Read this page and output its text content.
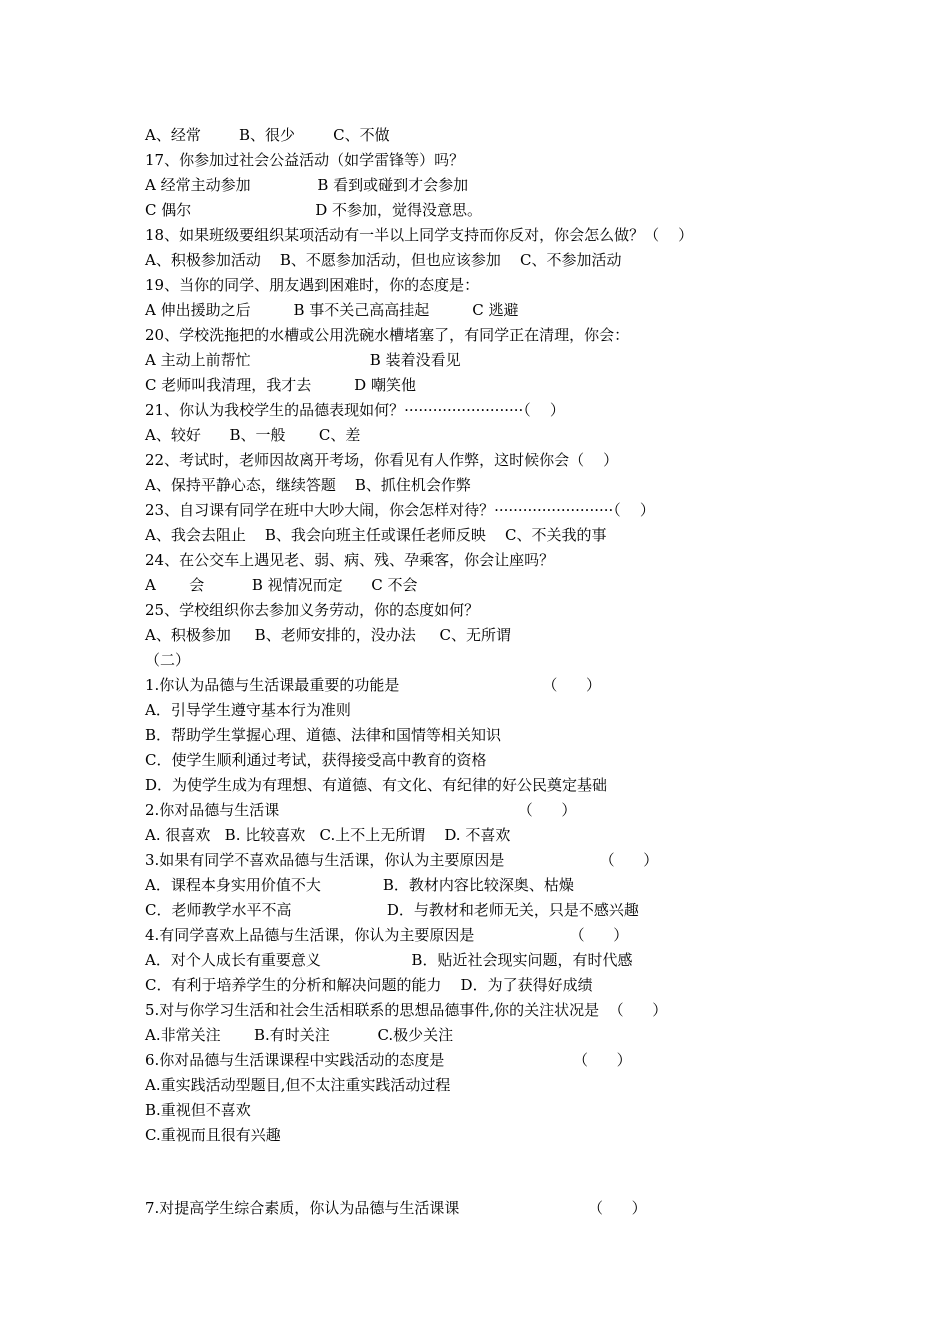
A、经常        B、很少        C、不做
17、你参加过社会公益活动（如学雷锋等）吗？
A 经常主动参加              B 看到或碰到才会参加
C 偶尔                          D 不参加，觉得没意思。
18、如果班级要组织某项活动有一半以上同学支持而你反对，你会怎么做？（    ）
A、积极参加活动    B、不愿参加活动，但也应该参加    C、不参加活动
19、当你的同学、朋友遇到困难时，你的态度是：
A 伸出援助之后         B 事不关己高高挂起         C 逃避
20、学校洗拖把的水槽或公用洗碗水槽堵塞了，有同学正在清理，你会：
A 主动上前帮忙                         B 装着没看见
C 老师叫我清理，我才去         D 嘲笑他
21、你认为我校学生的品德表现如何？·························（    ）
A、较好      B、一般       C、差
22、考试时，老师因故离开考场，你看见有人作弊，这时候你会（    ）
A、保持平静心态，继续答题    B、抓住机会作弊
23、自习课有同学在班中大吵大闹，你会怎样对待？·························（    ）
A、我会去阻止    B、我会向班主任或课任老师反映    C、不关我的事
24、在公交车上遇见老、弱、病、残、孕乘客，你会让座吗？
A       会          B 视情况而定      C 不会
25、学校组织你去参加义务劳动，你的态度如何？
A、积极参加     B、老师安排的，没办法     C、无所谓
（二）
1.你认为品德与生活课最重要的功能是                              （      ）
A．引导学生遵守基本行为准则
B．帮助学生掌握心理、道德、法律和国情等相关知识
C．使学生顺利通过考试，获得接受高中教育的资格
D．为使学生成为有理想、有道德、有文化、有纪律的好公民奠定基础
2.你对品德与生活课                                                  （      ）
A. 很喜欢   B. 比较喜欢   C.上不上无所谓    D. 不喜欢
3.如果有同学不喜欢品德与生活课，你认为主要原因是                    （      ）
A．课程本身实用价值不大             B．教材内容比较深奥、枯燥
C．老师教学水平不高                    D．与教材和老师无关，只是不感兴趣
4.有同学喜欢上品德与生活课，你认为主要原因是                    （      ）
A．对个人成长有重要意义                   B．贴近社会现实问题，有时代感
C．有利于培养学生的分析和解决问题的能力    D．为了获得好成绩
5.对与你学习生活和社会生活相联系的思想品德事件,你的关注状况是  （      ）
A.非常关注       B.有时关注          C.极少关注
6.你对品德与生活课课程中实践活动的态度是                           （      ）
A.重实践活动型题目,但不太注重实践活动过程
B.重视但不喜欢
C.重视而且很有兴趣
7.对提高学生综合素质，你认为品德与生活课课                           （      ）
